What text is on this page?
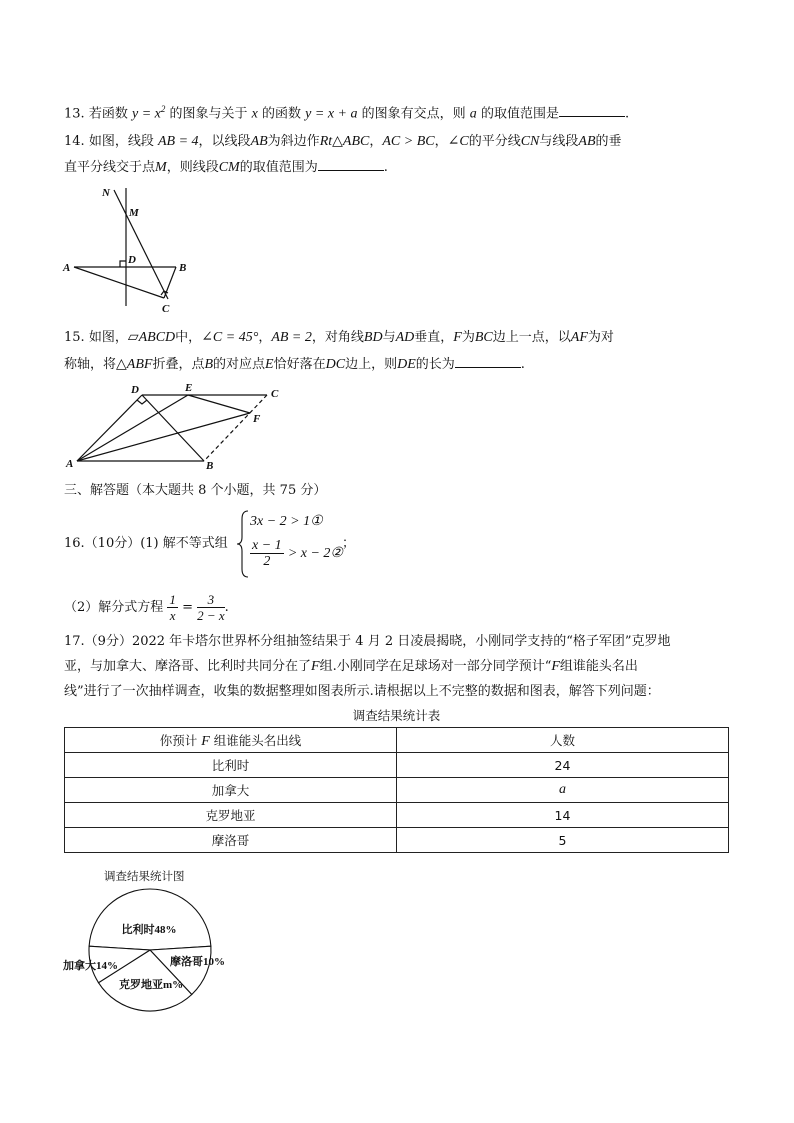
13. 若函数 $y = x^2$ 的图象与关于 x 的函数 y = x + a 的图象有交点，则 a 的取值范围是	.
14. 如图，线段 AB = 4，以线段AB为斜边作Rt△ABC，AC > BC，∠C的平分线CN与线段AB的垂
直平分线交于点M，则线段CM的取值范围为	.
N
M
D
A	B
C
15. 如图，▱ABCD中，∠C = 45°，AB = 2，对角线BD与AD垂直，F为BC边上一点，以AF为对
称轴，将△ABF折叠，点B的对应点E恰好落在DC边上，则DE的长为	.
D	E	C
F
A	B
三、解答题（本大题共 8 个小题，共 75 分）
16.（10分）(1) 解不等式组
3x − 2 > 1①
$\frac{x - 1}{2} > x$ − 2②
；
（2）解分式方程 $\frac{1}{x} = \frac{3}{2 - x}$ .
17.（9分）2022 年卡塔尔世界杯分组抽签结果于 4 月 2 日凌晨揭晓，小刚同学支持的“格子军团”克罗地
亚，与加拿大、摩洛哥、比利时共同分在了F组.小刚同学在足球场对一部分同学预计“F组谁能头名出
线”进行了一次抽样调查，收集的数据整理如图表所示.请根据以上不完整的数据和图表，解答下列问题：
调查结果统计表
你预计 F 组谁能头名出线	人数
比利时	24
加拿大	a
克罗地亚	14
摩洛哥	5
调查结果统计图
比利时48%
加拿大14%
克罗地亚m%
摩洛哥10%
